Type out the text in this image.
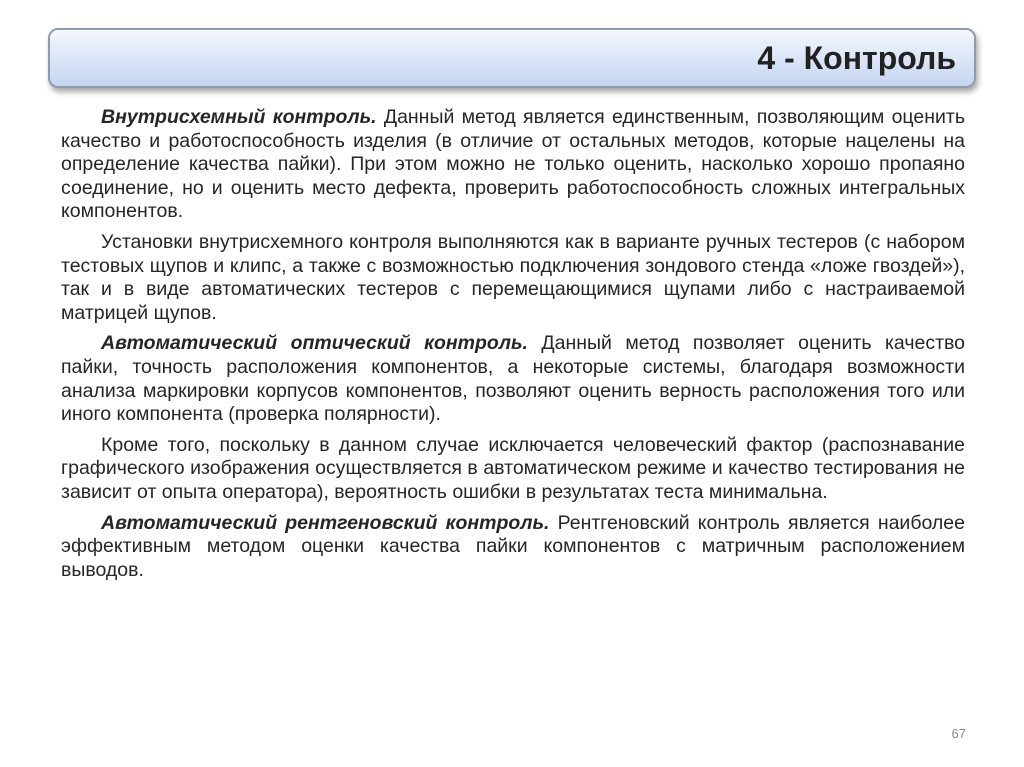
4 - Контроль

Внутрисхемный контроль. Данный метод является единственным, позволяющим оценить качество и работоспособность изделия (в отличие от остальных методов, которые нацелены на определение качества пайки). При этом можно не только оценить, насколько хорошо пропаяно соединение, но и оценить место дефекта, проверить работоспособность сложных интегральных компонентов.

Установки внутрисхемного контроля выполняются как в варианте ручных тестеров (с набором тестовых щупов и клипс, а также с возможностью подключения зондового стенда «ложе гвоздей»), так и в виде автоматических тестеров с перемещающимися щупами либо с настраиваемой матрицей щупов.

Автоматический оптический контроль. Данный метод позволяет оценить качество пайки, точность расположения компонентов, а некоторые системы, благодаря возможности анализа маркировки корпусов компонентов, позволяют оценить верность расположения того или иного компонента (проверка полярности).

Кроме того, поскольку в данном случае исключается человеческий фактор (распознавание графического изображения осуществляется в автоматическом режиме и качество тестирования не зависит от опыта оператора), вероятность ошибки в результатах теста минимальна.

Автоматический рентгеновский контроль. Рентгеновский контроль является наиболее эффективным методом оценки качества пайки компонентов с матричным расположением выводов.

67
